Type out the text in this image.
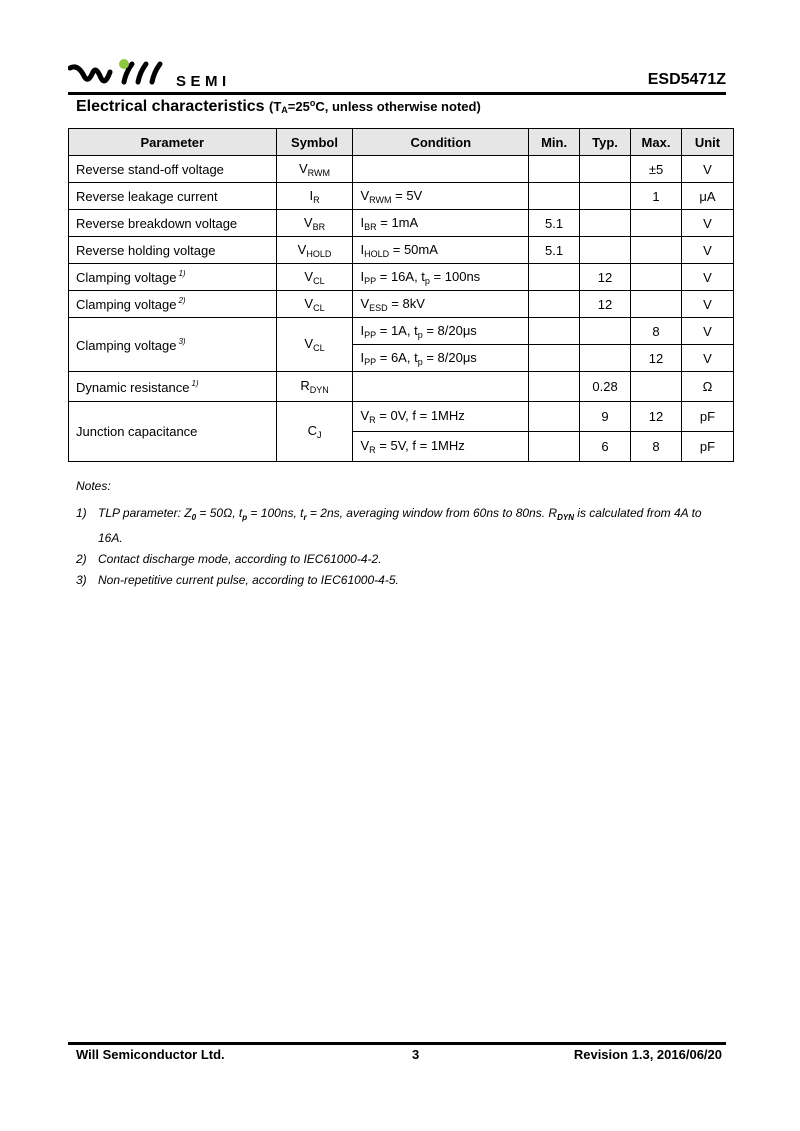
SEMI	ESD5471Z
Electrical characteristics ($T_A=25^oC$, unless otherwise noted)
Parameter	Symbol	Condition	Min.	Typ.	Max.	Unit
Reverse stand-off voltage	$V_{RWM}$				±5	V
Reverse leakage current	$I_R$	$V_{RWM} = 5V$			1	μA
Reverse breakdown voltage	$V_{BR}$	$I_{BR} = 1mA$	5.1			V
Reverse holding voltage	$V_{HOLD}$	$I_{HOLD} = 50mA$	5.1			V
Clamping voltage $^{1)}$	$V_{CL}$	$I_{PP} = 16A$, $t_p = 100ns$		12		V
Clamping voltage $^{2)}$	$V_{CL}$	$V_{ESD} = 8kV$		12		V
Clamping voltage $^{3)}$	$V_{CL}$	$I_{PP} = 1A$, $t_p = 8/20\mu s$			8	V
		$I_{PP} = 6A$, $t_p = 8/20\mu s$			12	V
Dynamic resistance $^{1)}$	$R_{DYN}$			0.28		Ω
Junction capacitance	$C_J$	$V_R = 0V$, f = 1MHz		9	12	pF
		$V_R = 5V$, f = 1MHz		6	8	pF
Notes:
1) TLP parameter: $Z_0 = 50\Omega$, $t_p = 100ns$, $t_r = 2ns$, averaging window from 60ns to 80ns. $R_{DYN}$ is calculated from 4A to 16A.
2) Contact discharge mode, according to IEC61000-4-2.
3) Non-repetitive current pulse, according to IEC61000-4-5.
Will Semiconductor Ltd.	3	Revision 1.3, 2016/06/20
